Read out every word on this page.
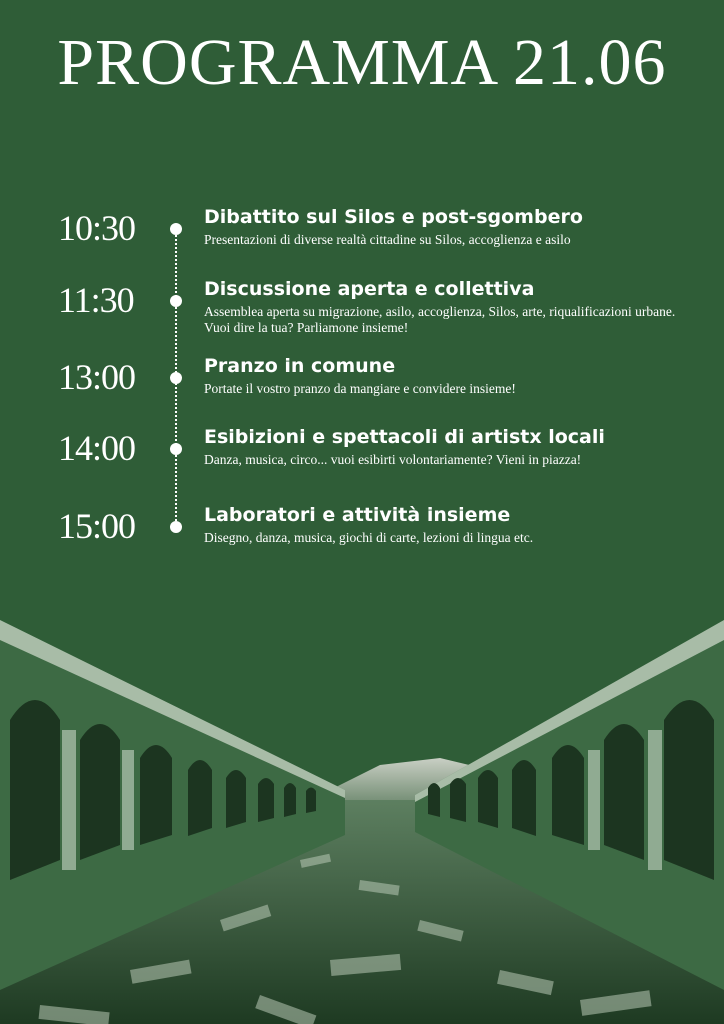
PROGRAMMA 21.06
10:30	Dibattito sul Silos e post-sgombero
Presentazioni di diverse realtà cittadine su Silos, accoglienza e asilo
11:30	Discussione aperta e collettiva
Assemblea aperta su migrazione, asilo, accoglienza, Silos, arte, riqualificazioni urbane. Vuoi dire la tua? Parliamone insieme!
13:00	Pranzo in comune
Portate il vostro pranzo da mangiare e convidere insieme!
14:00	Esibizioni e spettacoli di artistx locali
Danza, musica, circo... vuoi esibirti volontariamente? Vieni in piazza!
15:00	Laboratori e attività insieme
Disegno, danza, musica, giochi di carte, lezioni di lingua etc.
